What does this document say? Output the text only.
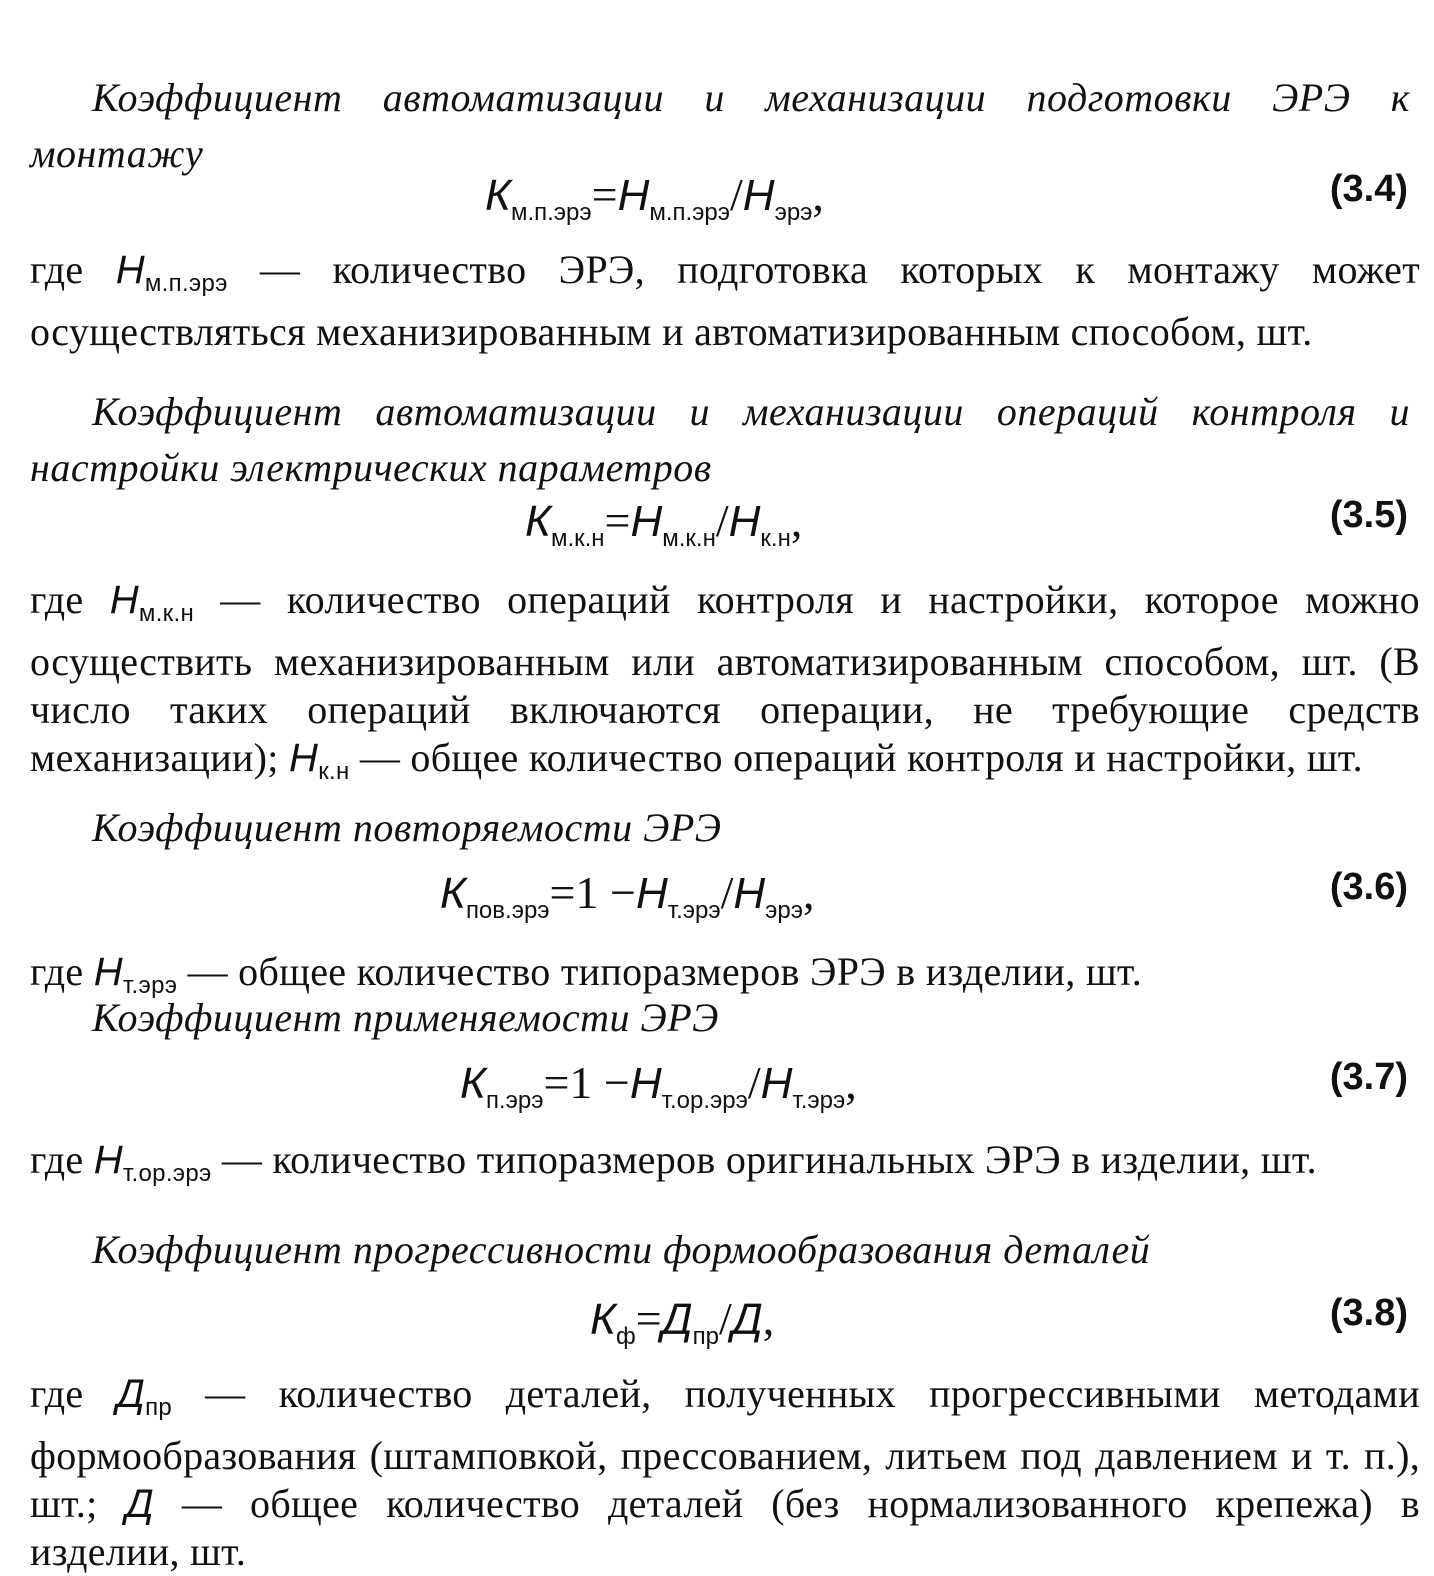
Коэффициент автоматизации и механизации подготовки ЭРЭ к монтажу
$К_{м.п.эрэ}=Н_{м.п.эрэ}/Н_{эрэ}$,	(3.4)
где $Н_{м.п.эрэ}$ — количество ЭРЭ, подготовка которых к монтажу может осуществляться механизированным и автоматизированным способом, шт.
Коэффициент автоматизации и механизации операций контроля и настройки электрических параметров
$К_{м.к.н}=Н_{м.к.н}/Н_{к.н}$,	(3.5)
где $Н_{м.к.н}$ — количество операций контроля и настройки, которое можно осуществить механизированным или автоматизированным способом, шт. (В число таких операций включаются операции, не требующие средств механизации); $Н_{к.н}$ — общее количество операций контроля и настройки, шт.
Коэффициент повторяемости ЭРЭ
$К_{пов.эрэ}=1 -Н_{т.эрэ}/Н_{эрэ}$,	(3.6)
где $Н_{т.эрэ}$ — общее количество типоразмеров ЭРЭ в изделии, шт.
Коэффициент применяемости ЭРЭ
$К_{п.эрэ}=1 -Н_{т.ор.эрэ}/Н_{т.эрэ}$,	(3.7)
где $Н_{т.ор.эрэ}$ — количество типоразмеров оригинальных ЭРЭ в изделии, шт.
Коэффициент прогрессивности формообразования деталей
$К_ф=Д_{пр}/Д$,	(3.8)
где $Д_{пр}$ — количество деталей, полученных прогрессивными методами формообразования (штамповкой, прессованием, литьем под давлением и т. п.), шт.; Д — общее количество деталей (без нормализованного крепежа) в изделии, шт.
